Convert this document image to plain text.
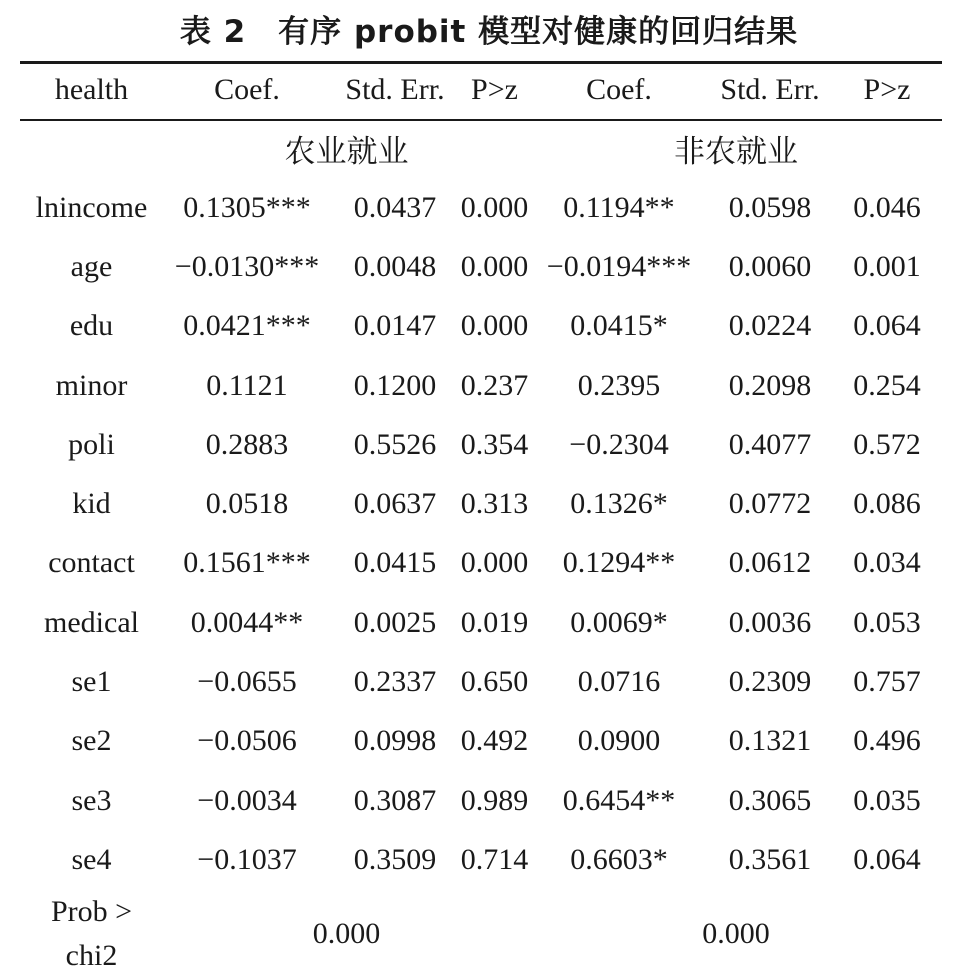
表 2　有序 probit 模型对健康的回归结果
health	Coef.	Std. Err.	P>z	Coef.	Std. Err.	P>z
	农业就业			非农就业		
lnincome	0.1305***	0.0437	0.000	0.1194**	0.0598	0.046
age	−0.0130***	0.0048	0.000	−0.0194***	0.0060	0.001
edu	0.0421***	0.0147	0.000	0.0415*	0.0224	0.064
minor	0.1121	0.1200	0.237	0.2395	0.2098	0.254
poli	0.2883	0.5526	0.354	−0.2304	0.4077	0.572
kid	0.0518	0.0637	0.313	0.1326*	0.0772	0.086
contact	0.1561***	0.0415	0.000	0.1294**	0.0612	0.034
medical	0.0044**	0.0025	0.019	0.0069*	0.0036	0.053
se1	−0.0655	0.2337	0.650	0.0716	0.2309	0.757
se2	−0.0506	0.0998	0.492	0.0900	0.1321	0.496
se3	−0.0034	0.3087	0.989	0.6454**	0.3065	0.035
se4	−0.1037	0.3509	0.714	0.6603*	0.3561	0.064
Prob >
chi2	0.000			0.000		
